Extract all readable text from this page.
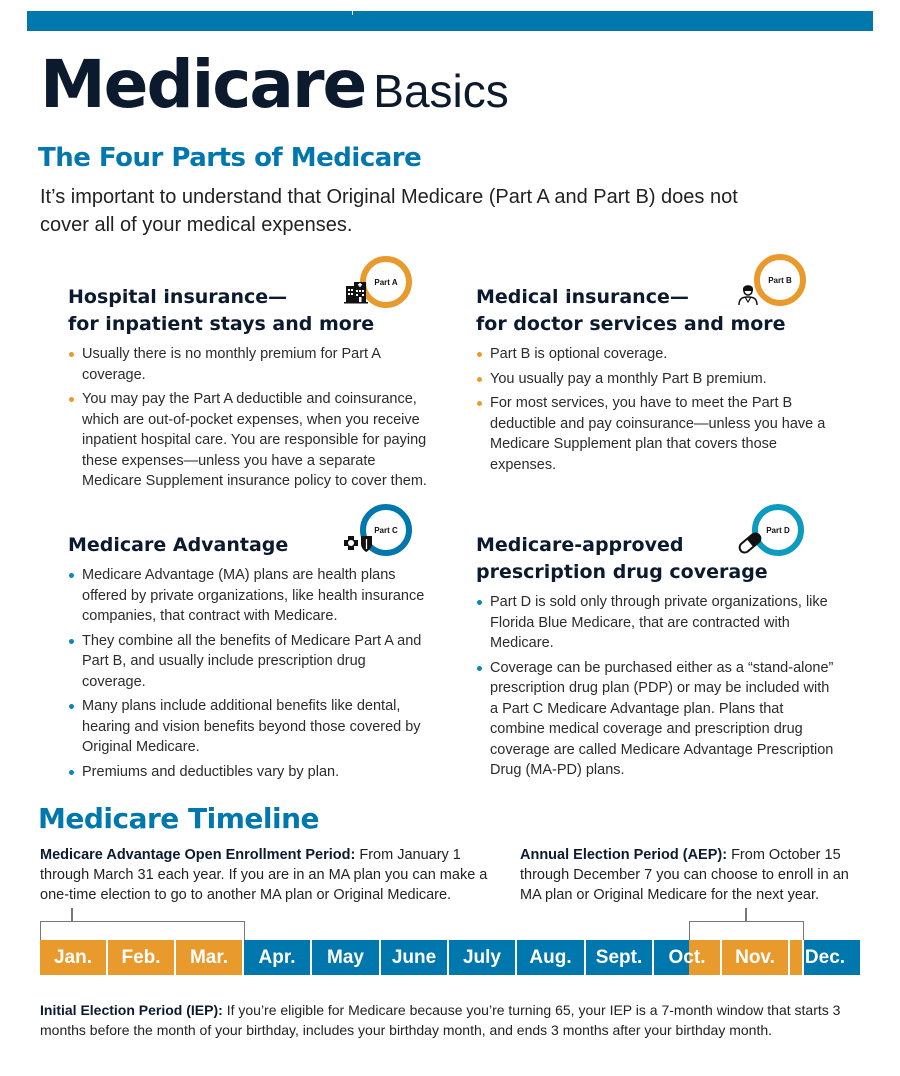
Medicare Basics
The Four Parts of Medicare
It’s important to understand that Original Medicare (Part A and Part B) does not cover all of your medical expenses.
Part A
Hospital insurance—
for inpatient stays and more
Usually there is no monthly premium for Part A coverage.
You may pay the Part A deductible and coinsurance, which are out-of-pocket expenses, when you receive inpatient hospital care. You are responsible for paying these expenses—unless you have a separate Medicare Supplement insurance policy to cover them.
Part B
Medical insurance—
for doctor services and more
Part B is optional coverage.
You usually pay a monthly Part B premium.
For most services, you have to meet the Part B deductible and pay coinsurance—unless you have a Medicare Supplement plan that covers those expenses.
Part C
Medicare Advantage
Medicare Advantage (MA) plans are health plans offered by private organizations, like health insurance companies, that contract with Medicare.
They combine all the benefits of Medicare Part A and Part B, and usually include prescription drug coverage.
Many plans include additional benefits like dental, hearing and vision benefits beyond those covered by Original Medicare.
Premiums and deductibles vary by plan.
Part D
Medicare-approved
prescription drug coverage
Part D is sold only through private organizations, like Florida Blue Medicare, that are contracted with Medicare.
Coverage can be purchased either as a “stand-alone” prescription drug plan (PDP) or may be included with a Part C Medicare Advantage plan. Plans that combine medical coverage and prescription drug coverage are called Medicare Advantage Prescription Drug (MA-PD) plans.
Medicare Timeline
Medicare Advantage Open Enrollment Period: From January 1 through March 31 each year. If you are in an MA plan you can make a one-time election to go to another MA plan or Original Medicare.
Annual Election Period (AEP): From October 15 through December 7 you can choose to enroll in an MA plan or Original Medicare for the next year.
Jan.	Feb.	Mar.	Apr.	May	June	July	Aug.	Sept.	Oct.	Nov.	Dec.
Initial Election Period (IEP): If you’re eligible for Medicare because you’re turning 65, your IEP is a 7-month window that starts 3 months before the month of your birthday, includes your birthday month, and ends 3 months after your birthday month.
